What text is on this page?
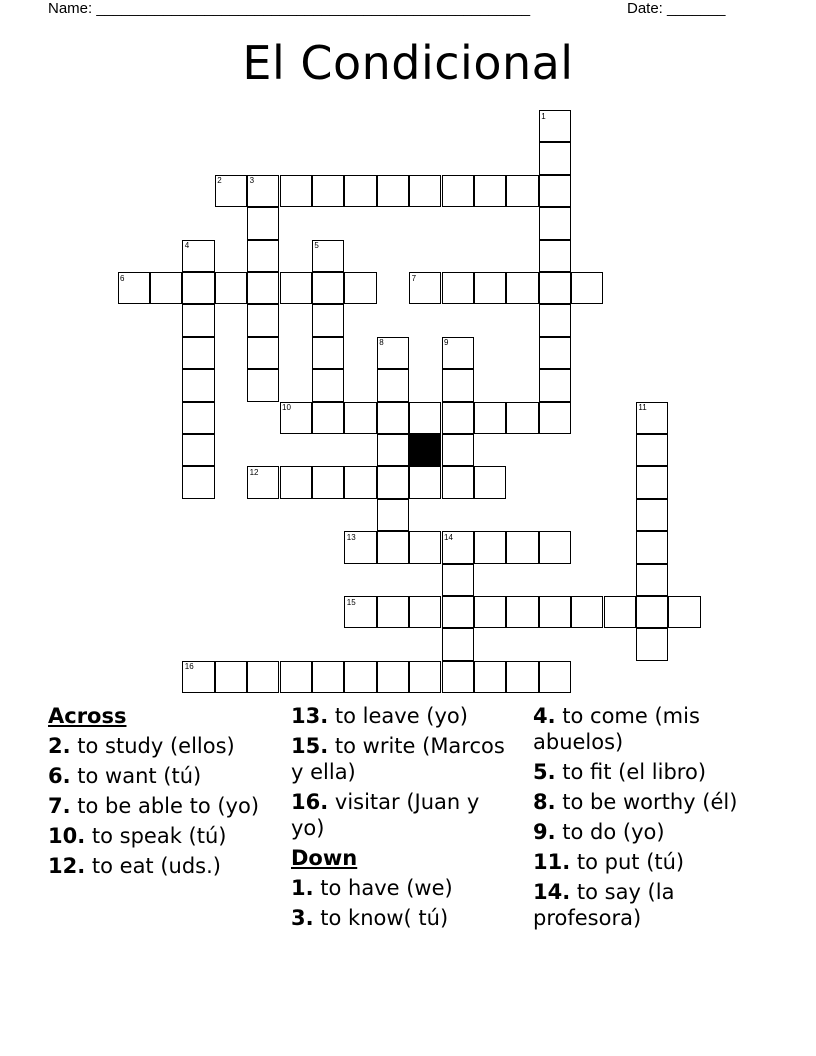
Name: ____________________________________________________	Date: _______
El Condicional
2
6	7
10
12
13
15
16
1
3
4	5
8	9
11
14
Across
2. to study (ellos)
6. to want (tú)
7. to be able to (yo)
10. to speak (tú)
12. to eat (uds.)
13. to leave (yo)
15. to write (Marcos y ella)
16. visitar (Juan y yo)
Down
1. to have (we)
3. to know( tú)
4. to come (mis abuelos)
5. to fit (el libro)
8. to be worthy (él)
9. to do (yo)
11. to put (tú)
14. to say (la profesora)
